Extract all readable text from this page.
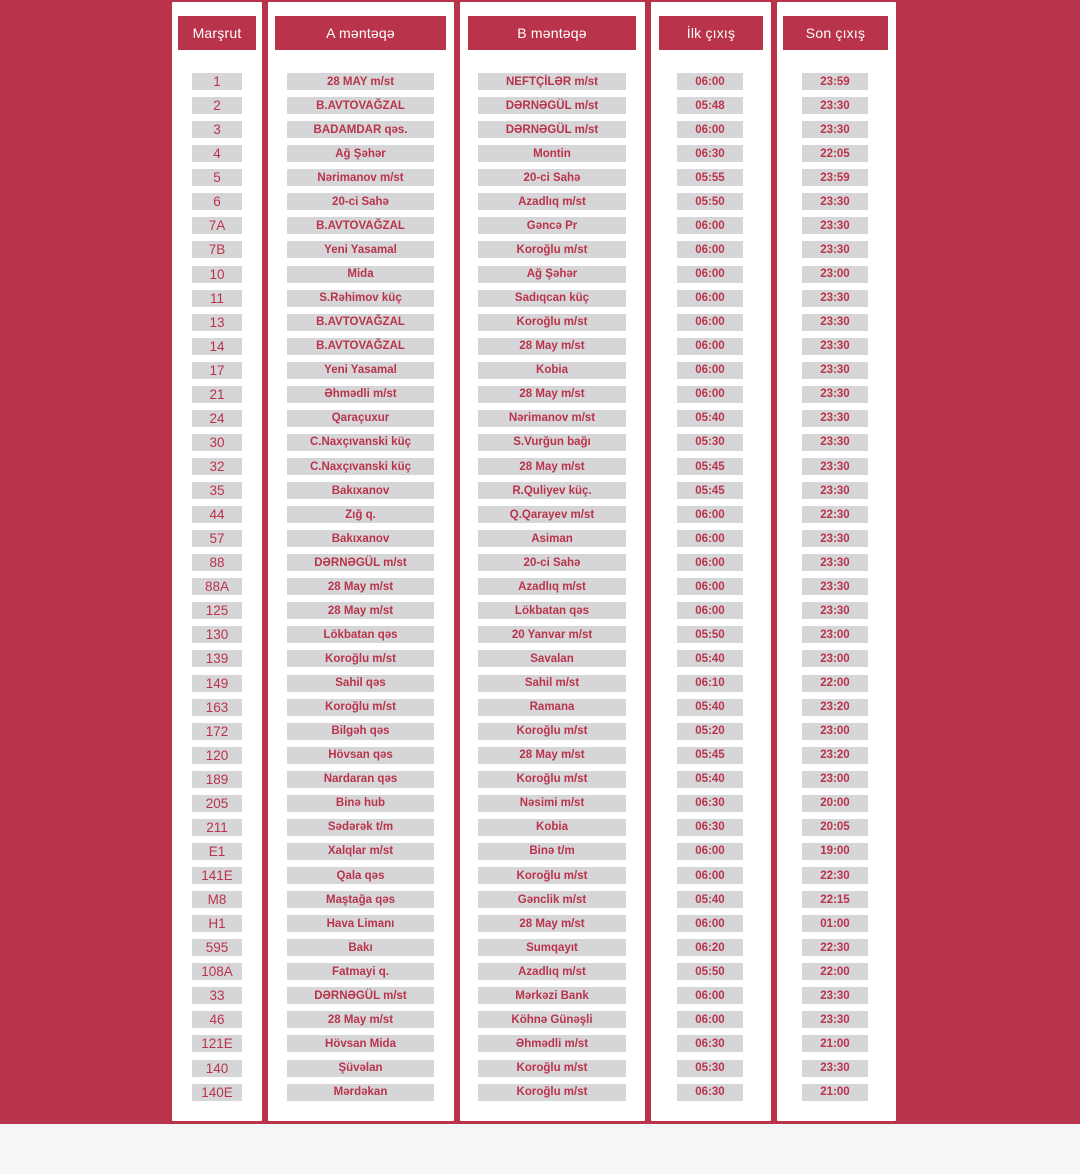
Marşrut
1
2
3
4
5
6
7A
7B
10
11
13
14
17
21
24
30
32
35
44
57
88
88A
125
130
139
149
163
172
120
189
205
211
E1
141E
M8
H1
595
108A
33
46
121E
140
140E
A məntəqə
28 MAY m/st
B.AVTOVAĞZAL
BADAMDAR qəs.
Ağ Şəhər
Nərimanov m/st
20-ci Sahə
B.AVTOVAĞZAL
Yeni Yasamal
Mida
S.Rəhimov küç
B.AVTOVAĞZAL
B.AVTOVAĞZAL
Yeni Yasamal
Əhmədli m/st
Qaraçuxur
C.Naxçıvanski küç
C.Naxçıvanski küç
Bakıxanov
Zığ q.
Bakıxanov
DƏRNƏGÜL m/st
28 May m/st
28 May m/st
Lökbatan qəs
Koroğlu m/st
Sahil qəs
Koroğlu m/st
Bilgəh qəs
Hövsan qəs
Nardaran qəs
Binə hub
Sədərək t/m
Xalqlar m/st
Qala qəs
Maştağa qəs
Hava Limanı
Bakı
Fatmayi q.
DƏRNƏGÜL m/st
28 May m/st
Hövsan Mida
Şüvəlan
Mərdəkan
B məntəqə
NEFTÇİLƏR m/st
DƏRNƏGÜL m/st
DƏRNƏGÜL m/st
Montin
20-ci Sahə
Azadlıq m/st
Gəncə Pr
Koroğlu m/st
Ağ Şəhər
Sadıqcan küç
Koroğlu m/st
28 May m/st
Kobia
28 May m/st
Nərimanov m/st
S.Vurğun bağı
28 May m/st
R.Quliyev küç.
Q.Qarayev m/st
Asiman
20-ci Sahə
Azadlıq m/st
Lökbatan qəs
20 Yanvar m/st
Savalan
Sahil m/st
Ramana
Koroğlu m/st
28 May m/st
Koroğlu m/st
Nəsimi m/st
Kobia
Binə t/m
Koroğlu m/st
Gənclik m/st
28 May m/st
Sumqayıt
Azadlıq m/st
Mərkəzi Bank
Köhnə Günəşli
Əhmədli m/st
Koroğlu m/st
Koroğlu m/st
İlk çıxış
06:00
05:48
06:00
06:30
05:55
05:50
06:00
06:00
06:00
06:00
06:00
06:00
06:00
06:00
05:40
05:30
05:45
05:45
06:00
06:00
06:00
06:00
06:00
05:50
05:40
06:10
05:40
05:20
05:45
05:40
06:30
06:30
06:00
06:00
05:40
06:00
06:20
05:50
06:00
06:00
06:30
05:30
06:30
Son çıxış
23:59
23:30
23:30
22:05
23:59
23:30
23:30
23:30
23:00
23:30
23:30
23:30
23:30
23:30
23:30
23:30
23:30
23:30
22:30
23:30
23:30
23:30
23:30
23:00
23:00
22:00
23:20
23:00
23:20
23:00
20:00
20:05
19:00
22:30
22:15
01:00
22:30
22:00
23:30
23:30
21:00
23:30
21:00
